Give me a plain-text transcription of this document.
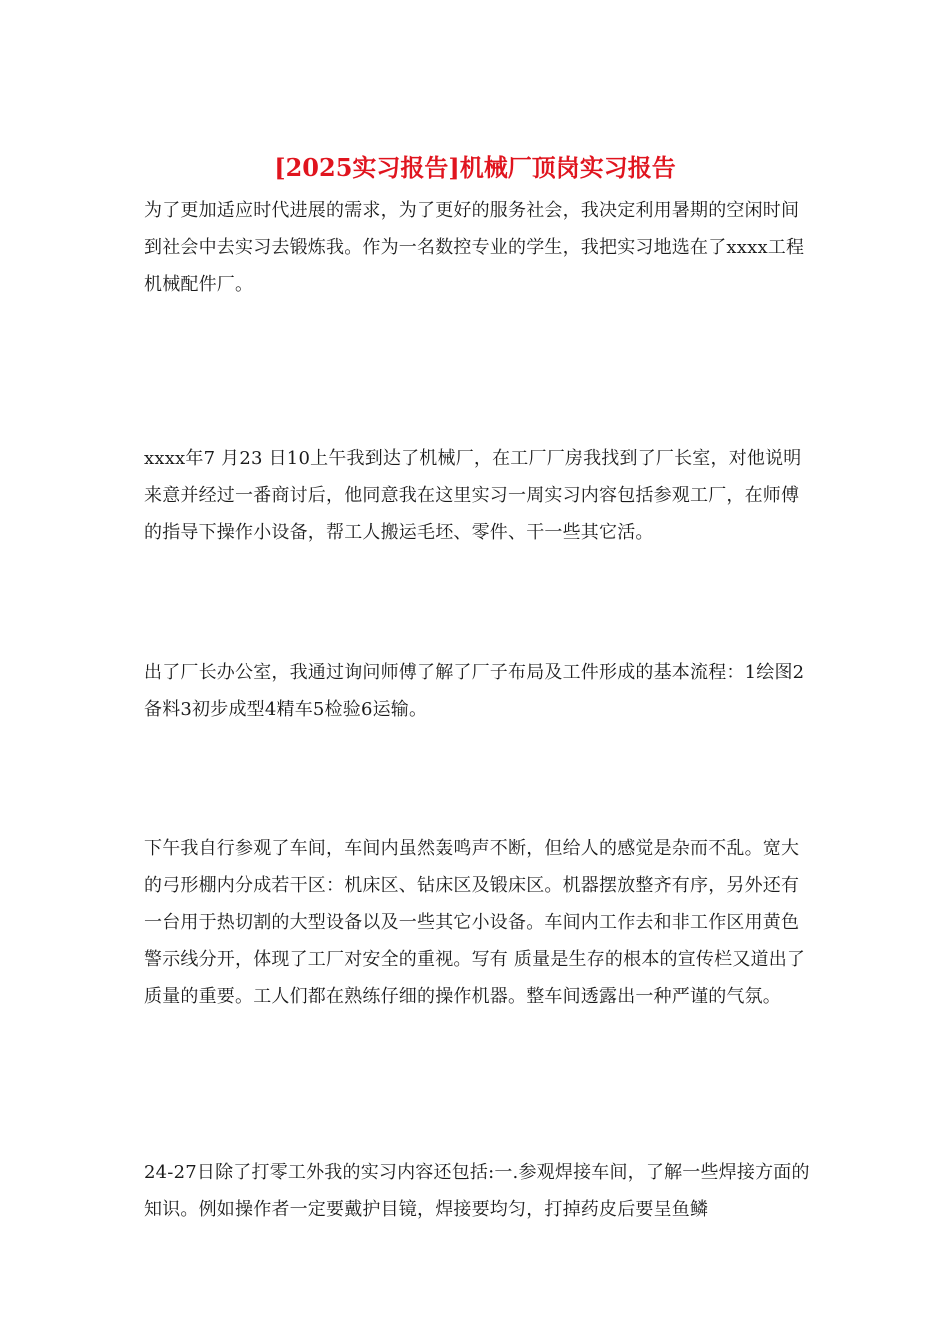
[2025实习报告]机械厂顶岗实习报告

为了更加适应时代进展的需求，为了更好的服务社会，我决定利用暑期的空闲时间到社会中去实习去锻炼我。作为一名数控专业的学生，我把实习地选在了xxxx工程机械配件厂。

xxxx年7 月23 日10上午我到达了机械厂，在工厂厂房我找到了厂长室，对他说明来意并经过一番商讨后，他同意我在这里实习一周实习内容包括参观工厂，在师傅的指导下操作小设备，帮工人搬运毛坯、零件、干一些其它活。

出了厂长办公室，我通过询问师傅了解了厂子布局及工件形成的基本流程：1绘图2备料3初步成型4精车5检验6运输。

下午我自行参观了车间，车间内虽然轰鸣声不断，但给人的感觉是杂而不乱。宽大的弓形棚内分成若干区：机床区、钻床区及锻床区。机器摆放整齐有序，另外还有一台用于热切割的大型设备以及一些其它小设备。车间内工作去和非工作区用黄色警示线分开，体现了工厂对安全的重视。写有 质量是生存的根本的宣传栏又道出了质量的重要。工人们都在熟练仔细的操作机器。整车间透露出一种严谨的气氛。

24-27日除了打零工外我的实习内容还包括:一.参观焊接车间，了解一些焊接方面的知识。例如操作者一定要戴护目镜，焊接要均匀，打掉药皮后要呈鱼鳞
